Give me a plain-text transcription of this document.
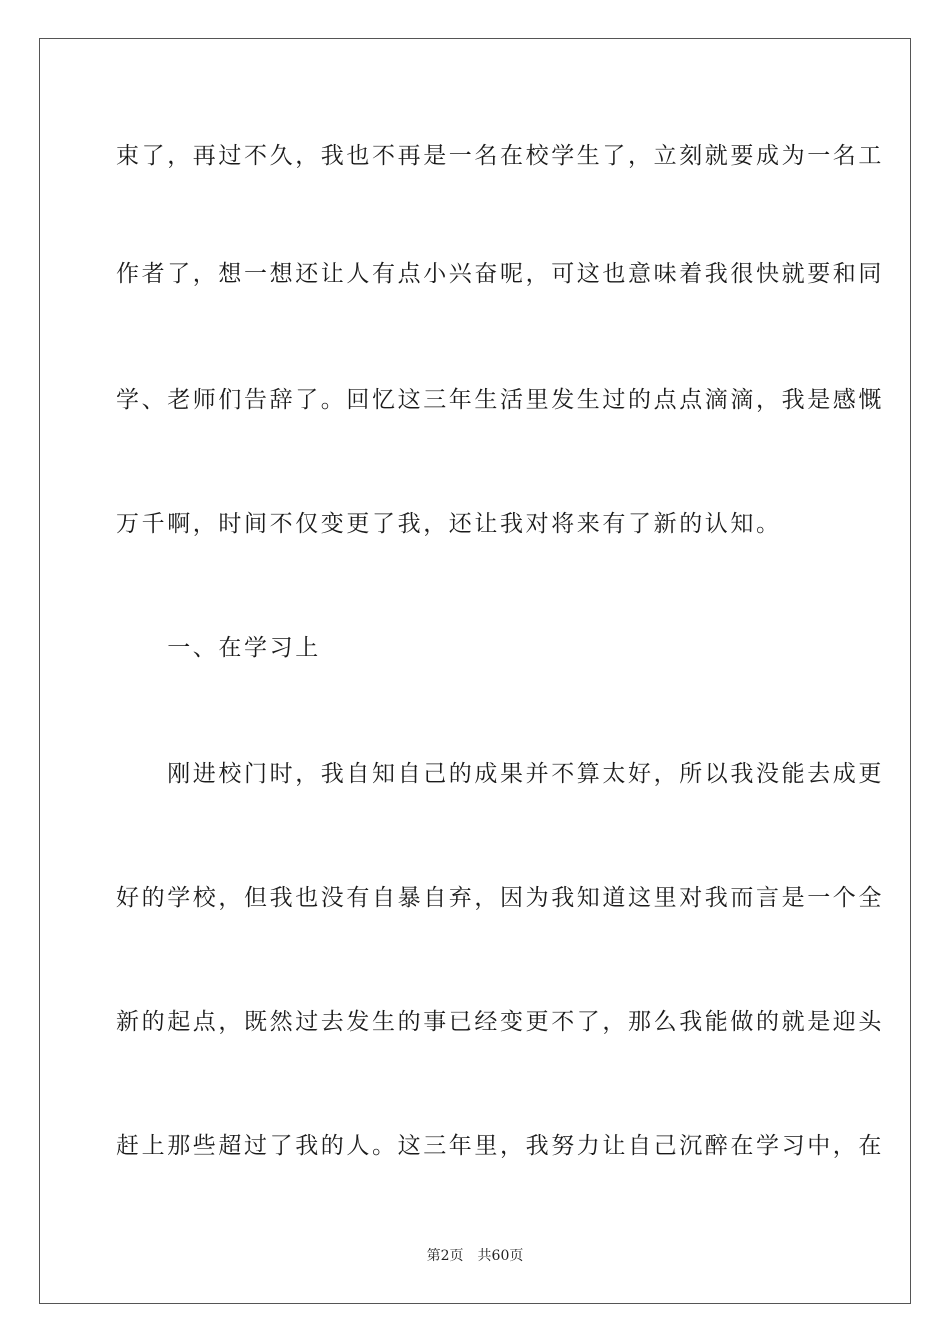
束了，再过不久，我也不再是一名在校学生了，立刻就要成为一名工
作者了，想一想还让人有点小兴奋呢，可这也意味着我很快就要和同
学、老师们告辞了。回忆这三年生活里发生过的点点滴滴，我是感慨
万千啊，时间不仅变更了我，还让我对将来有了新的认知。
　　一、在学习上
　　刚进校门时，我自知自己的成果并不算太好，所以我没能去成更
好的学校，但我也没有自暴自弃，因为我知道这里对我而言是一个全
新的起点，既然过去发生的事已经变更不了，那么我能做的就是迎头
赶上那些超过了我的人。这三年里，我努力让自己沉醉在学习中，在
第2页 共60页
